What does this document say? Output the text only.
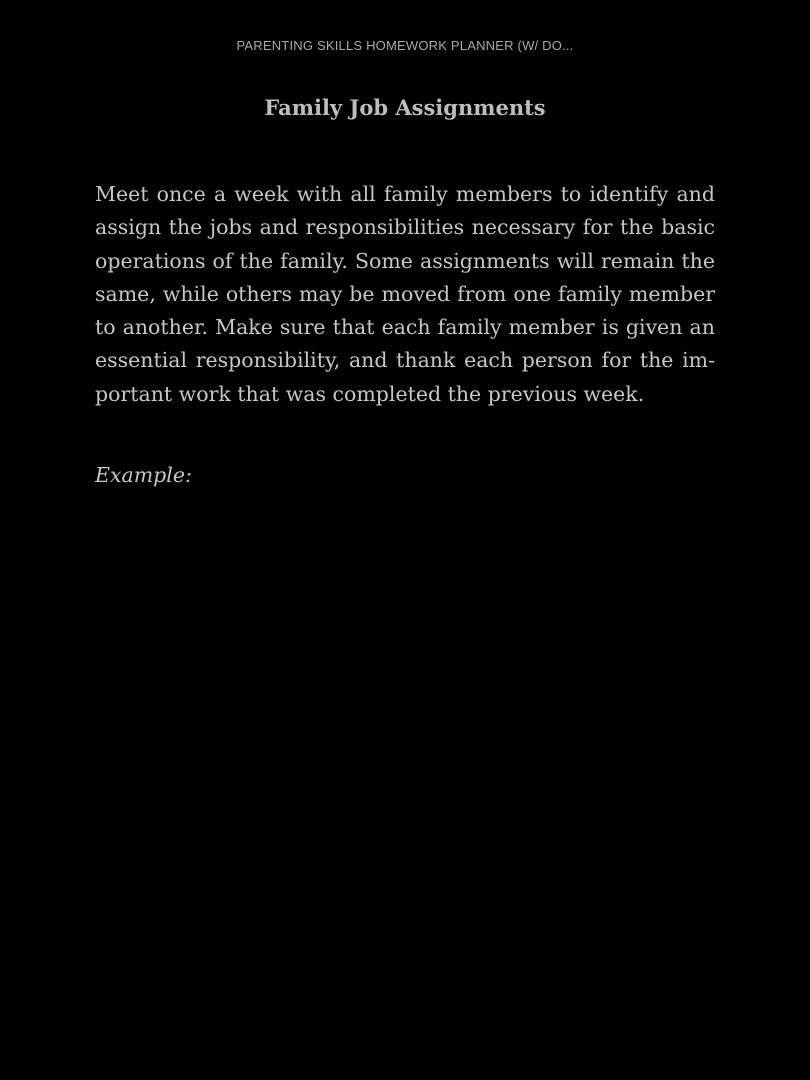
PARENTING SKILLS HOMEWORK PLANNER (W/ DO...
Family Job Assignments

Meet once a week with all family members to identify and
assign the jobs and responsibilities necessary for the basic
operations of the family. Some assignments will remain the
same, while others may be moved from one family member
to another. Make sure that each family member is given an
essential responsibility, and thank each person for the im-
portant work that was completed the previous week.

Example:
